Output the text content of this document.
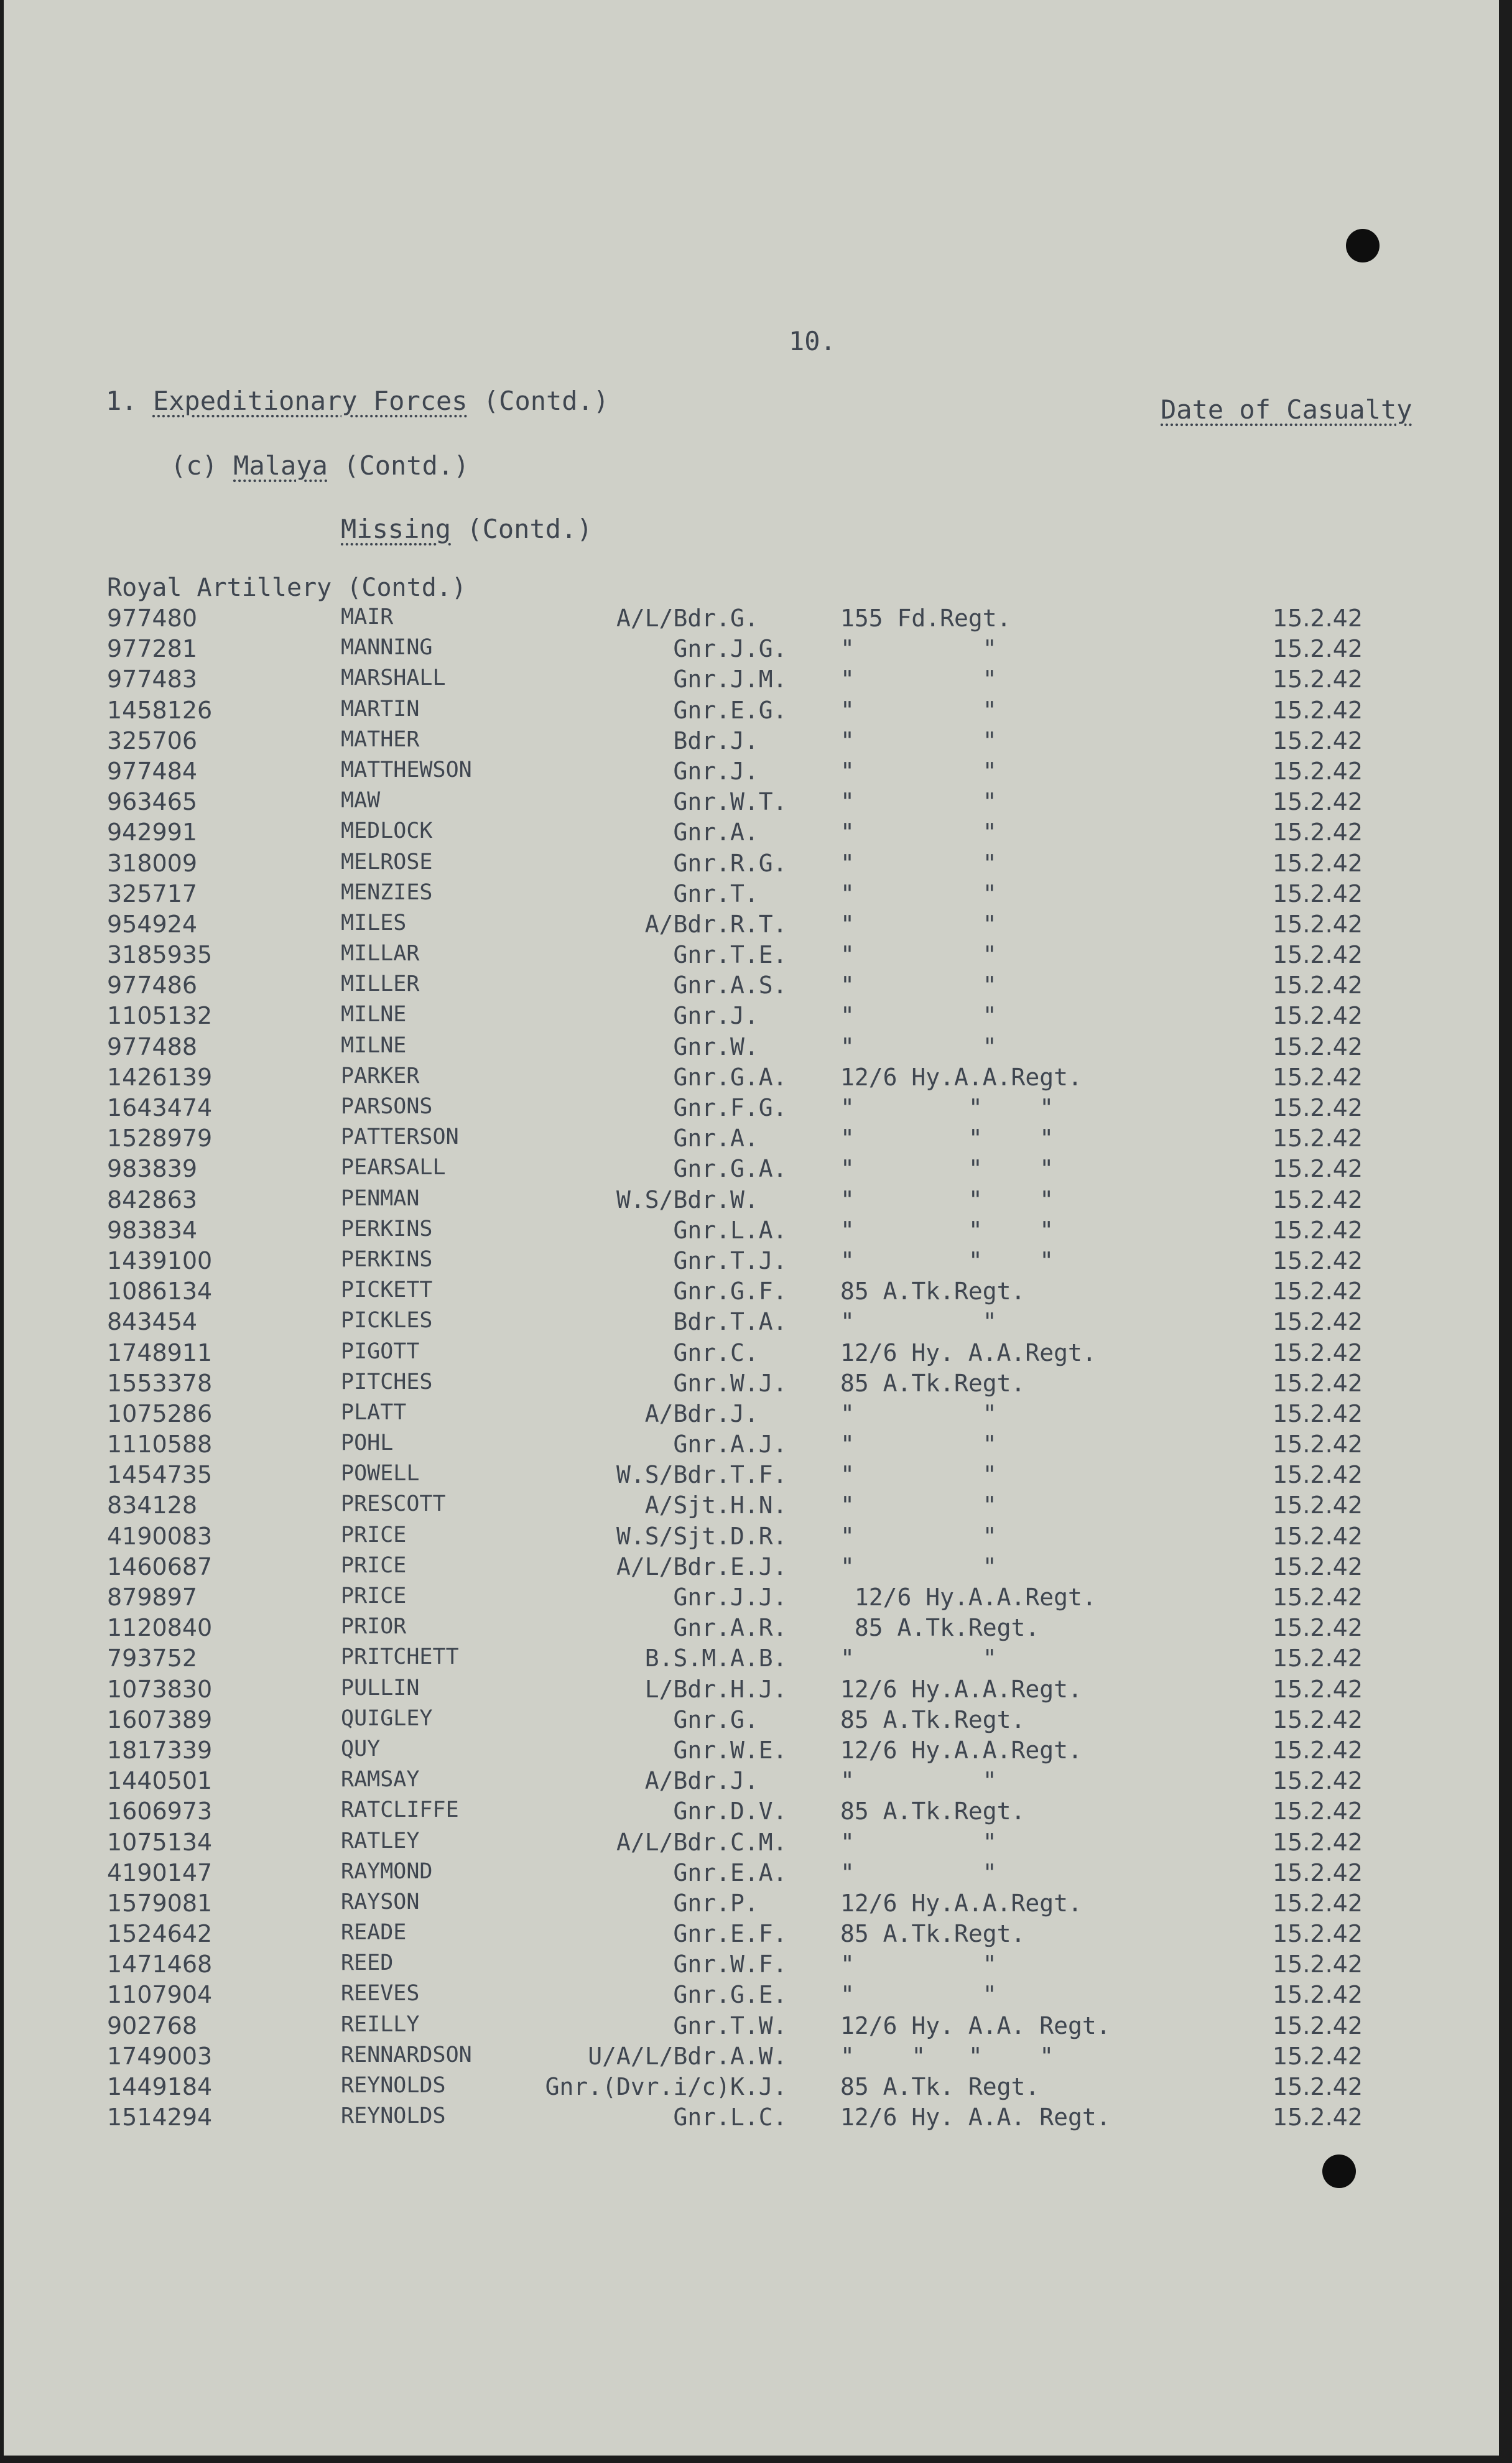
10.
1. Expeditionary Forces (Contd.)	Date of Casualty
(c) Malaya (Contd.)
Missing (Contd.)
Royal Artillery (Contd.)
977480	MAIR	A/L/Bdr. G.	155 Fd.Regt.	15.2.42
977281	MANNING	Gnr. J.G. "         "	15.2.42
977483	MARSHALL	Gnr. J.M. "         "	15.2.42
1458126	MARTIN	Gnr. E.G. "         "	15.2.42
325706	MATHER	Bdr. J.	"         "	15.2.42
977484	MATTHEWSON	Gnr. J.	"         "	15.2.42
963465	MAW	Gnr. W.T. "         "	15.2.42
942991	MEDLOCK	Gnr. A.	"         "	15.2.42
318009	MELROSE	Gnr. R.G. "         "	15.2.42
325717	MENZIES	Gnr. T.	"         "	15.2.42
954924	MILES	A/Bdr. R.T. "         "	15.2.42
3185935	MILLAR	Gnr. T.E. "         "	15.2.42
977486	MILLER	Gnr. A.S. "         "	15.2.42
1105132	MILNE	Gnr. J.	"         "	15.2.42
977488	MILNE	Gnr. W.	"         "	15.2.42
1426139	PARKER	Gnr. G.A. 12/6 Hy.A.A.Regt.	15.2.42
1643474	PARSONS	Gnr. F.G. "        "    "	15.2.42
1528979	PATTERSON	Gnr. A.	"        "    "	15.2.42
983839	PEARSALL	Gnr. G.A. "        "    "	15.2.42
842863	PENMAN	W.S/Bdr. W.	"        "    "	15.2.42
983834	PERKINS	Gnr. L.A. "        "    "	15.2.42
1439100	PERKINS	Gnr. T.J. "        "    "	15.2.42
1086134	PICKETT	Gnr. G.F. 85 A.Tk.Regt.	15.2.42
843454	PICKLES	Bdr. T.A. "         "	15.2.42
1748911	PIGOTT	Gnr. C.	12/6 Hy. A.A.Regt.	15.2.42
1553378	PITCHES	Gnr. W.J. 85 A.Tk.Regt.	15.2.42
1075286	PLATT	A/Bdr. J.	"         "	15.2.42
1110588	POHL	Gnr. A.J. "         "	15.2.42
1454735	POWELL	W.S/Bdr. T.F. "         "	15.2.42
834128	PRESCOTT	A/Sjt. H.N. "         "	15.2.42
4190083	PRICE	W.S/Sjt. D.R. "         "	15.2.42
1460687	PRICE	A/L/Bdr. E.J. "         "	15.2.42
879897	PRICE	Gnr. J.J. 12/6 Hy.A.A.Regt.	15.2.42
1120840	PRIOR	Gnr. A.R. 85 A.Tk.Regt.	15.2.42
793752	PRITCHETT	B.S.M. A.B. "         "	15.2.42
1073830	PULLIN	L/Bdr. H.J. 12/6 Hy.A.A.Regt.	15.2.42
1607389	QUIGLEY	Gnr. G.	85 A.Tk.Regt.	15.2.42
1817339	QUY	Gnr. W.E. 12/6 Hy.A.A.Regt.	15.2.42
1440501	RAMSAY	A/Bdr. J.	"         "	15.2.42
1606973	RATCLIFFE	Gnr. D.V. 85 A.Tk.Regt.	15.2.42
1075134	RATLEY	A/L/Bdr. C.M. "         "	15.2.42
4190147	RAYMOND	Gnr. E.A. "         "	15.2.42
1579081	RAYSON	Gnr. P.	12/6 Hy.A.A.Regt.	15.2.42
1524642	READE	Gnr. E.F. 85 A.Tk.Regt.	15.2.42
1471468	REED	Gnr. W.F. "         "	15.2.42
1107904	REEVES	Gnr. G.E. "         "	15.2.42
902768	REILLY	Gnr. T.W. 12/6 Hy. A.A. Regt.	15.2.42
1749003	RENNARDSON	U/A/L/Bdr. A.W. "    "   "    "	15.2.42
1449184	REYNOLDS	Gnr.(Dvr.i/c) K.J. 85 A.Tk. Regt.	15.2.42
1514294	REYNOLDS	Gnr. L.C. 12/6 Hy. A.A. Regt.	15.2.42
